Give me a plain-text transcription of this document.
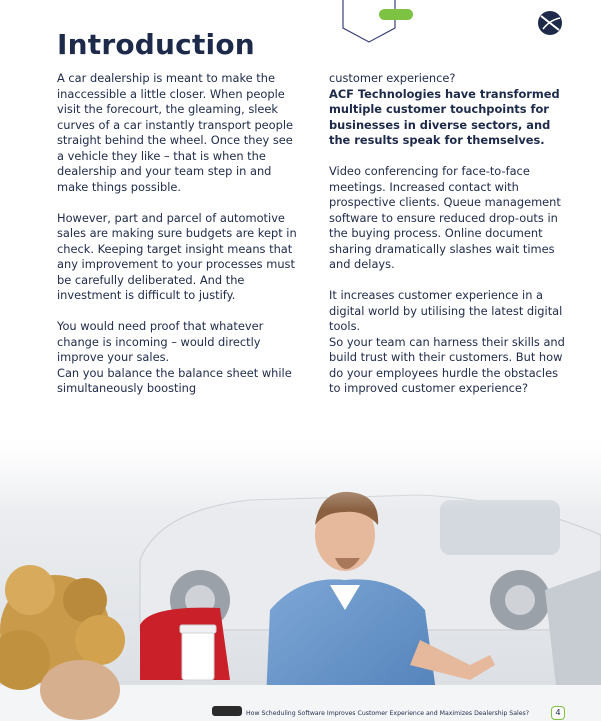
Introduction

A car dealership is meant to make the inaccessible a little closer. When people visit the forecourt, the gleaming, sleek curves of a car instantly transport people straight behind the wheel. Once they see a vehicle they like – that is when the dealership and your team step in and make things possible.

However, part and parcel of automotive sales are making sure budgets are kept in check. Keeping target insight means that any improvement to your processes must be carefully deliberated. And the investment is difficult to justify.

You would need proof that whatever change is incoming – would directly improve your sales.

Can you balance the balance sheet while simultaneously boosting

customer experience?

ACF Technologies have transformed multiple customer touchpoints for businesses in diverse sectors, and the results speak for themselves.

Video conferencing for face-to-face meetings. Increased contact with prospective clients. Queue management software to ensure reduced drop-outs in the buying process. Online document sharing dramatically slashes wait times and delays.

It increases customer experience in a digital world by utilising the latest digital tools.

So your team can harness their skills and build trust with their customers. But how do your employees hurdle the obstacles to improved customer experience?

How Scheduling Software Improves Customer Experience and Maximizes Dealership Sales?	4
